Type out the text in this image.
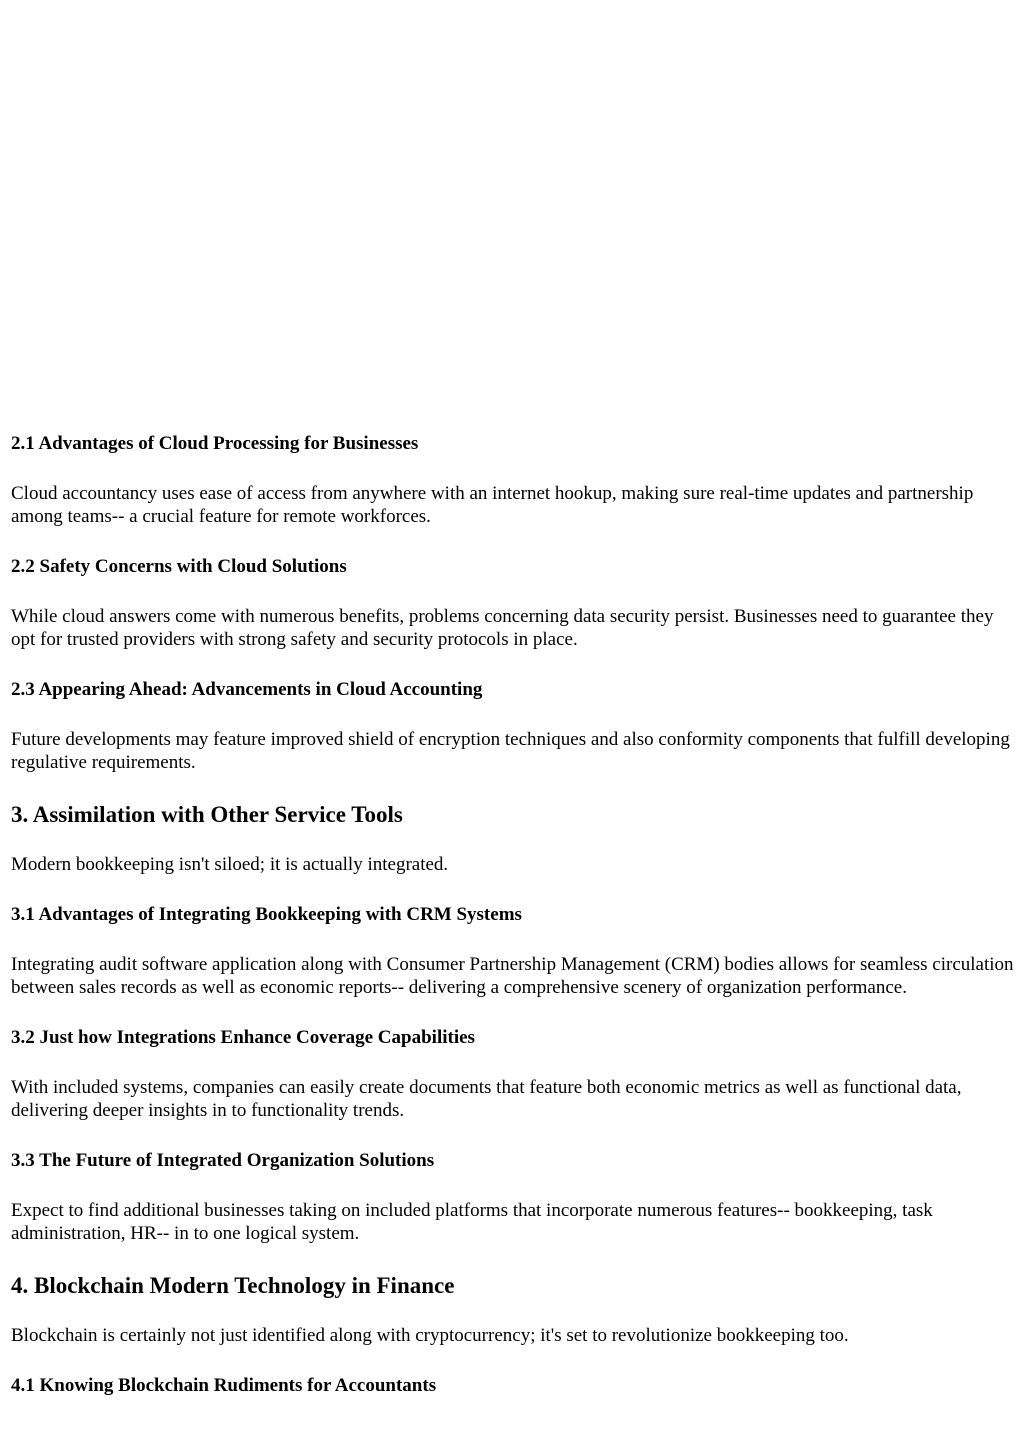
2.1 Advantages of Cloud Processing for Businesses

Cloud accountancy uses ease of access from anywhere with an internet hookup, making sure real-time updates and partnership among teams-- a crucial feature for remote workforces.

2.2 Safety Concerns with Cloud Solutions

While cloud answers come with numerous benefits, problems concerning data security persist. Businesses need to guarantee they opt for trusted providers with strong safety and security protocols in place.

2.3 Appearing Ahead: Advancements in Cloud Accounting

Future developments may feature improved shield of encryption techniques and also conformity components that fulfill developing regulative requirements.

3. Assimilation with Other Service Tools

Modern bookkeeping isn't siloed; it is actually integrated.

3.1 Advantages of Integrating Bookkeeping with CRM Systems

Integrating audit software application along with Consumer Partnership Management (CRM) bodies allows for seamless circulation between sales records as well as economic reports-- delivering a comprehensive scenery of organization performance.

3.2 Just how Integrations Enhance Coverage Capabilities

With included systems, companies can easily create documents that feature both economic metrics as well as functional data, delivering deeper insights in to functionality trends.

3.3 The Future of Integrated Organization Solutions

Expect to find additional businesses taking on included platforms that incorporate numerous features-- bookkeeping, task administration, HR-- in to one logical system.

4. Blockchain Modern Technology in Finance

Blockchain is certainly not just identified along with cryptocurrency; it's set to revolutionize bookkeeping too.

4.1 Knowing Blockchain Rudiments for Accountants
